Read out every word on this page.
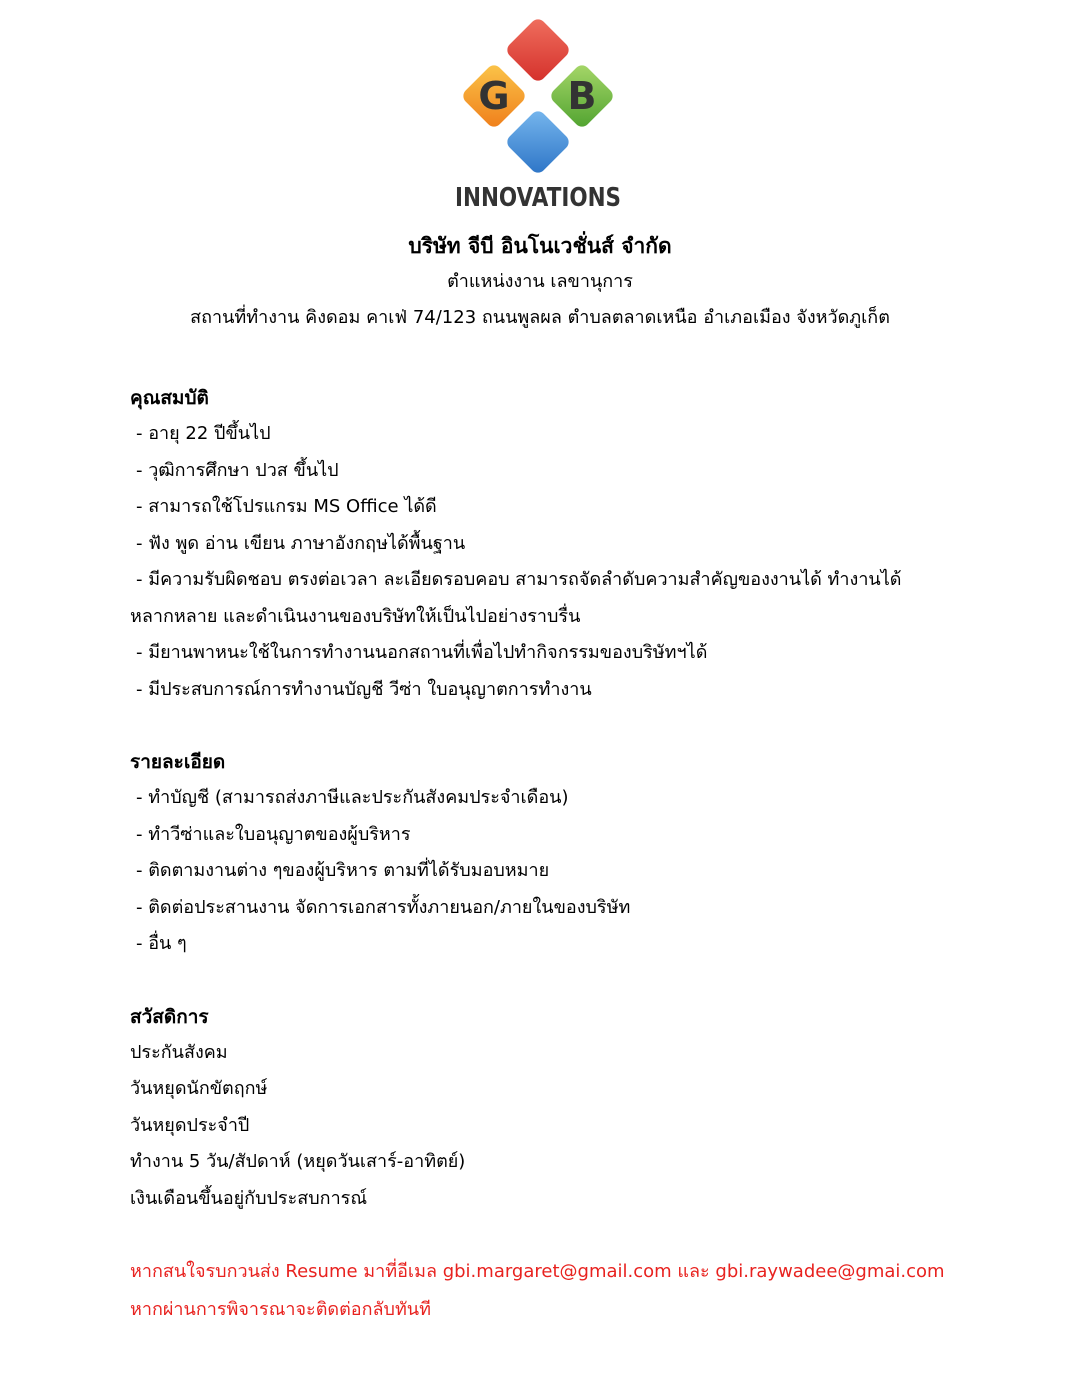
G B
INNOVATIONS
บริษัท จีบี อินโนเวชั่นส์ จำกัด
ตำแหน่งงาน เลขานุการ
สถานที่ทำงาน คิงดอม คาเฟ่ 74/123 ถนนพูลผล ตำบลตลาดเหนือ อำเภอเมือง จังหวัดภูเก็ต
คุณสมบัติ
- อายุ 22 ปีขึ้นไป
- วุฒิการศึกษา ปวส ขึ้นไป
- สามารถใช้โปรแกรม MS Office ได้ดี
- ฟัง พูด อ่าน เขียน ภาษาอังกฤษได้พื้นฐาน
- มีความรับผิดชอบ ตรงต่อเวลา ละเอียดรอบคอบ สามารถจัดลำดับความสำคัญของงานได้ ทำงานได้
หลากหลาย และดำเนินงานของบริษัทให้เป็นไปอย่างราบรื่น
- มียานพาหนะใช้ในการทำงานนอกสถานที่เพื่อไปทำกิจกรรมของบริษัทฯได้
- มีประสบการณ์การทำงานบัญชี วีซ่า ใบอนุญาตการทำงาน
รายละเอียด
- ทำบัญชี (สามารถส่งภาษีและประกันสังคมประจำเดือน)
- ทำวีซ่าและใบอนุญาตของผู้บริหาร
- ติดตามงานต่าง ๆของผู้บริหาร ตามที่ได้รับมอบหมาย
- ติดต่อประสานงาน จัดการเอกสารทั้งภายนอก/ภายในของบริษัท
- อื่น ๆ
สวัสดิการ
ประกันสังคม
วันหยุดนักขัตฤกษ์
วันหยุดประจำปี
ทำงาน 5 วัน/สัปดาห์ (หยุดวันเสาร์-อาทิตย์)
เงินเดือนขึ้นอยู่กับประสบการณ์
หากสนใจรบกวนส่ง Resume มาที่อีเมล gbi.margaret@gmail.com และ gbi.raywadee@gmai.com
หากผ่านการพิจารณาจะติดต่อกลับทันที
